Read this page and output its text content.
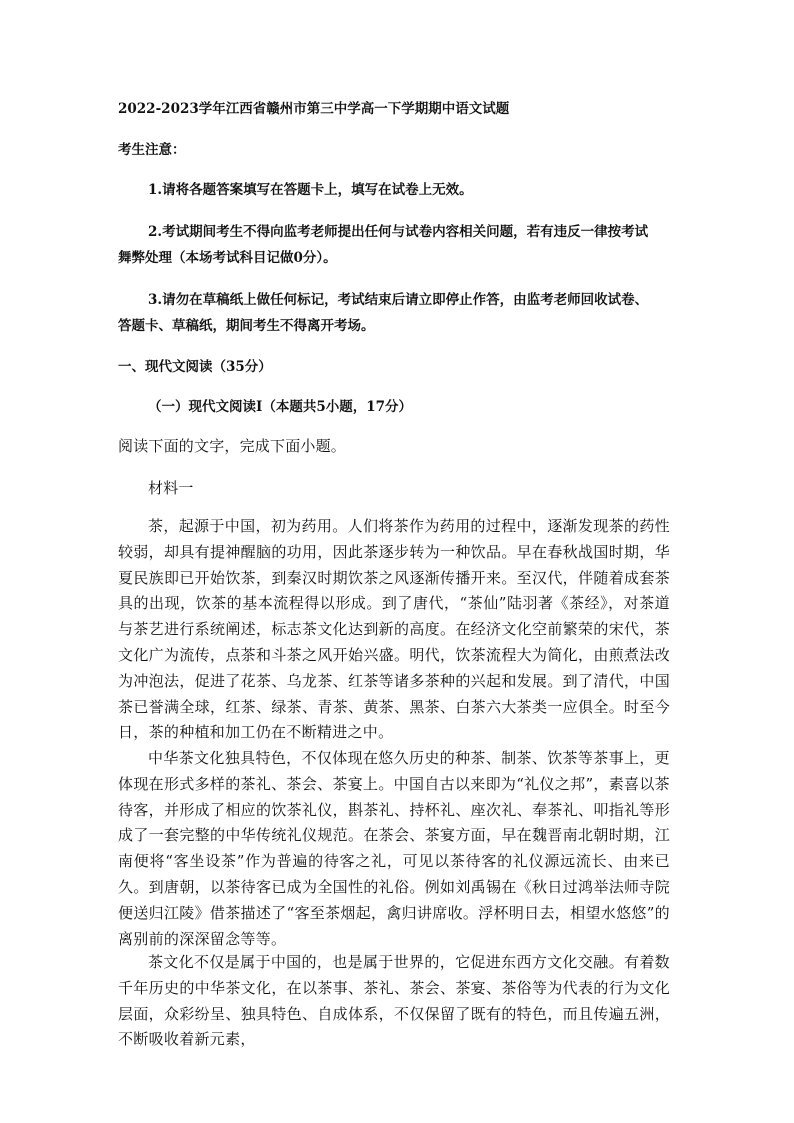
2022-2023学年江西省赣州市第三中学高一下学期期中语文试题

考生注意：

1.请将各题答案填写在答题卡上，填写在试卷上无效。

2.考试期间考生不得向监考老师提出任何与试卷内容相关问题，若有违反一律按考试

舞弊处理（本场考试科目记做0分）。

3.请勿在草稿纸上做任何标记，考试结束后请立即停止作答，由监考老师回收试卷、

答题卡、草稿纸，期间考生不得离开考场。

一、现代文阅读（35分）

（一）现代文阅读Ⅰ（本题共5小题，17分）

阅读下面的文字，完成下面小题。

材料一

茶，起源于中国，初为药用。人们将茶作为药用的过程中，逐渐发现茶的药性较弱，却具有提神醒脑的功用，因此茶逐步转为一种饮品。早在春秋战国时期，华夏民族即已开始饮茶，到秦汉时期饮茶之风逐渐传播开来。至汉代，伴随着成套茶具的出现，饮茶的基本流程得以形成。到了唐代，“茶仙”陆羽著《茶经》，对茶道与茶艺进行系统阐述，标志茶文化达到新的高度。在经济文化空前繁荣的宋代，茶文化广为流传，点茶和斗茶之风开始兴盛。明代，饮茶流程大为简化，由煎煮法改为冲泡法，促进了花茶、乌龙茶、红茶等诸多茶种的兴起和发展。到了清代，中国茶已誉满全球，红茶、绿茶、青茶、黄茶、黑茶、白茶六大茶类一应俱全。时至今日，茶的种植和加工仍在不断精进之中。

中华茶文化独具特色，不仅体现在悠久历史的种茶、制茶、饮茶等茶事上，更体现在形式多样的茶礼、茶会、茶宴上。中国自古以来即为“礼仪之邦”，素喜以茶待客，并形成了相应的饮茶礼仪，斟茶礼、持杯礼、座次礼、奉茶礼、叩指礼等形成了一套完整的中华传统礼仪规范。在茶会、茶宴方面，早在魏晋南北朝时期，江南便将“客坐设茶”作为普遍的待客之礼，可见以茶待客的礼仪源远流长、由来已久。到唐朝，以茶待客已成为全国性的礼俗。例如刘禹锡在《秋日过鸿举法师寺院便送归江陵》借茶描述了“客至茶烟起，禽归讲席收。浮杯明日去，相望水悠悠”的离别前的深深留念等等。

茶文化不仅是属于中国的，也是属于世界的，它促进东西方文化交融。有着数千年历史的中华茶文化，在以茶事、茶礼、茶会、茶宴、茶俗等为代表的行为文化层面，众彩纷呈、独具特色、自成体系，不仅保留了既有的特色，而且传遍五洲，不断吸收着新元素，
